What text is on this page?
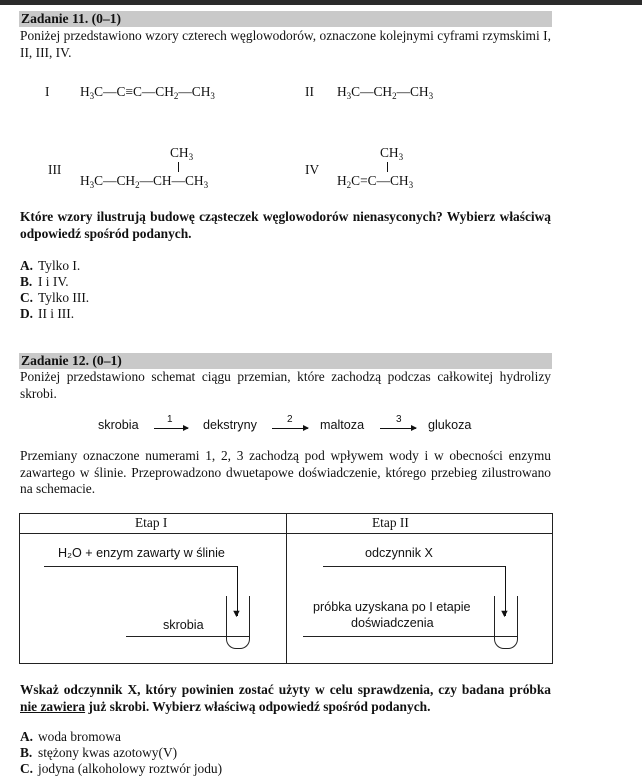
Zadanie 11. (0–1)
Poniżej przedstawiono wzory czterech węglowodorów, oznaczone kolejnymi cyframi rzymskimi I, II, III, IV.
I $H_3C—C\equiv C—CH_2—CH_3$	II $H_3C—CH_2—CH_3$
III
$CH_3$
$H_3C—CH_2—CH—CH_3$
IV
$CH_3$
$H_2C=C—CH_3$
Które wzory ilustrują budowę cząsteczek węglowodorów nienasyconych? Wybierz właściwą odpowiedź spośród podanych.
A. Tylko I.
B. I i IV.
C. Tylko III.
D. II i III.
Zadanie 12. (0–1)
Poniżej przedstawiono schemat ciągu przemian, które zachodzą podczas całkowitej hydrolizy skrobi.
skrobia	1 dekstryny	2 maltoza	3 glukoza
Przemiany oznaczone numerami 1, 2, 3 zachodzą pod wpływem wody i w obecności enzymu zawartego w ślinie. Przeprowadzono dwuetapowe doświadczenie, którego przebieg zilustrowano na schemacie.
Etap I	Etap II
H₂O + enzym zawarty w ślinie
▼
skrobia
odczynnik X
▼
próbka uzyskana po I etapie
doświadczenia
Wskaż odczynnik X, który powinien zostać użyty w celu sprawdzenia, czy badana próbka nie zawiera już skrobi. Wybierz właściwą odpowiedź spośród podanych.
A. woda bromowa
B. stężony kwas azotowy(V)
C. jodyna (alkoholowy roztwór jodu)
